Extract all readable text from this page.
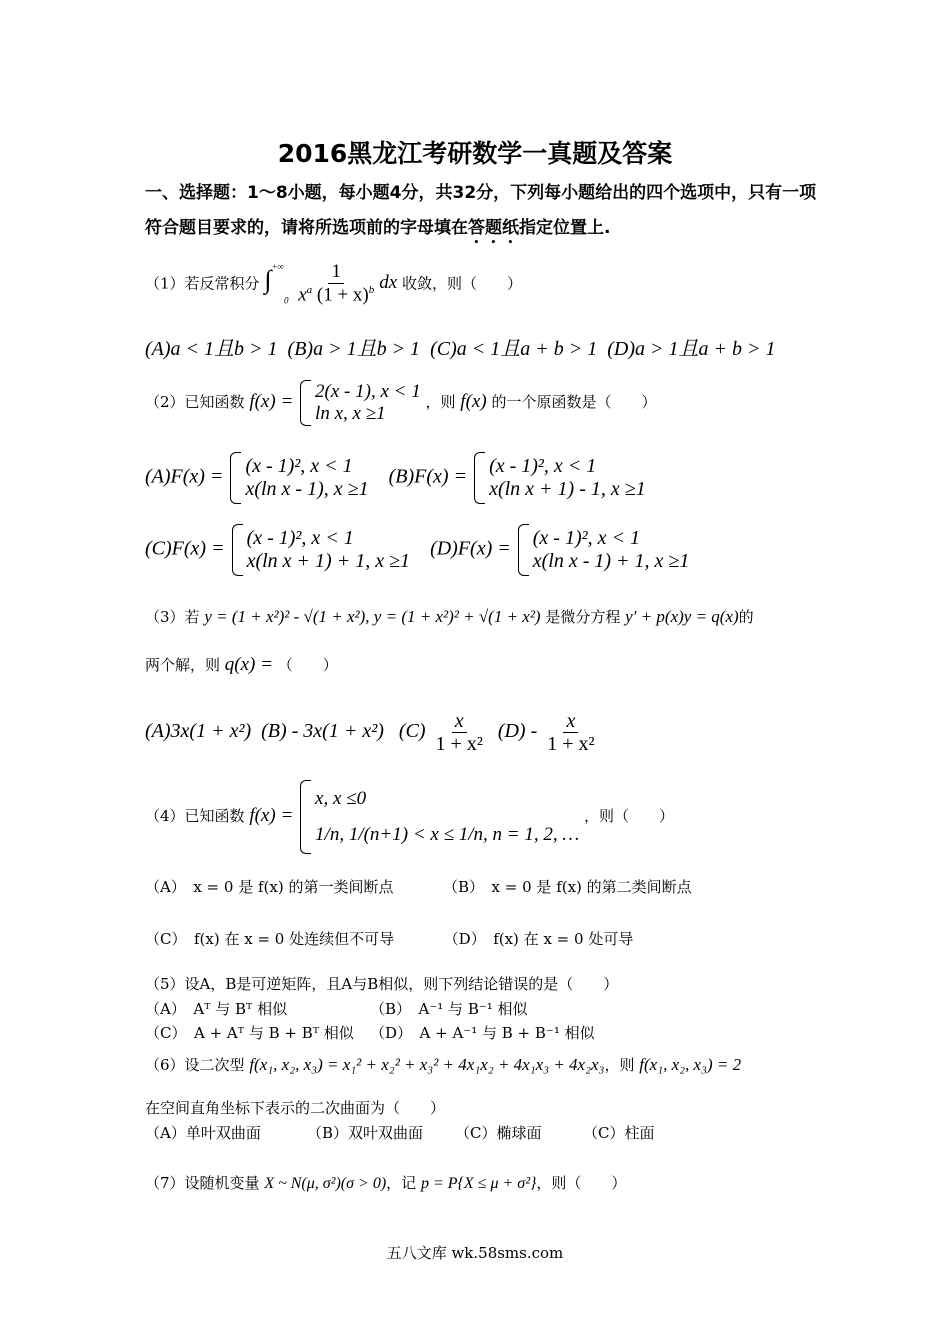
2016黑龙江考研数学一真题及答案
一、选择题：1～8小题，每小题4分，共32分，下列每小题给出的四个选项中，只有一项
符合题目要求的，请将所选项前的字母填在答题纸指定位置上.
（1）若反常积分 $\int^{+\infty}0 \frac{1}{x^a (1 + x)^b}$ dx 收敛，则（　　）
(A)a < 1且b > 1 (B)a > 1且b > 1 (C)a < 1且a + b > 1 (D)a > 1且a + b > 1
（2）已知函数 f(x) = 2(x - 1), x < 1
ln x, x ≥1
，则 f(x) 的一个原函数是（　　）
(A)F(x) = (x - 1)², x < 1
x(ln x - 1), x ≥1
(B)F(x) = (x - 1)², x < 1
x(ln x + 1) - 1, x ≥1
(C)F(x) = (x - 1)², x < 1
x(ln x + 1) + 1, x ≥1
(D)F(x) = (x - 1)², x < 1
x(ln x - 1) + 1, x ≥1
（3）若 y = (1 + x²)² - √(1 + x²), y = (1 + x²)² + √(1 + x²) 是微分方程 y′ + p(x)y = q(x)的
两个解，则 q(x) = （　　）
(A)3x(1 + x²) (B) - 3x(1 + x²) $(C) \frac{x}{\text{1 + x²}} (D) - \frac{x}{\text{1 + x²}}$
（4）已知函数 f(x) =
x, x ≤0
1/n, 1/(n+1) < x ≤ 1/n, n = 1, 2, …
，则（　　）
（A）　x = 0 是 f(x) 的第一类间断点	（B）　x = 0 是 f(x) 的第二类间断点
（C）　f(x) 在 x = 0 处连续但不可导	（D）　f(x) 在 x = 0 处可导
（5）设A，B是可逆矩阵，且A与B相似，则下列结论错误的是（　　）
（A）　Aᵀ 与 Bᵀ 相似	（B）　A⁻¹ 与 B⁻¹ 相似
（C）　A + Aᵀ 与 B + Bᵀ 相似 （D）　A + A⁻¹ 与 B + B⁻¹ 相似
（6）设二次型 f(x₁, x₂, x₃) = x₁² + x₂² + x₃² + 4x₁x₂ + 4x₁x₃ + 4x₂x₃，则 f(x₁, x₂, x₃) = 2
在空间直角坐标下表示的二次曲面为（　　）
（A）单叶双曲面	（B）双叶双曲面 （C）椭球面	（C）柱面
（7）设随机变量 X ~ N(μ, σ²)(σ > 0)，记 p = P{X ≤ μ + σ²}，则（　　）
五八文库 wk.58sms.com
